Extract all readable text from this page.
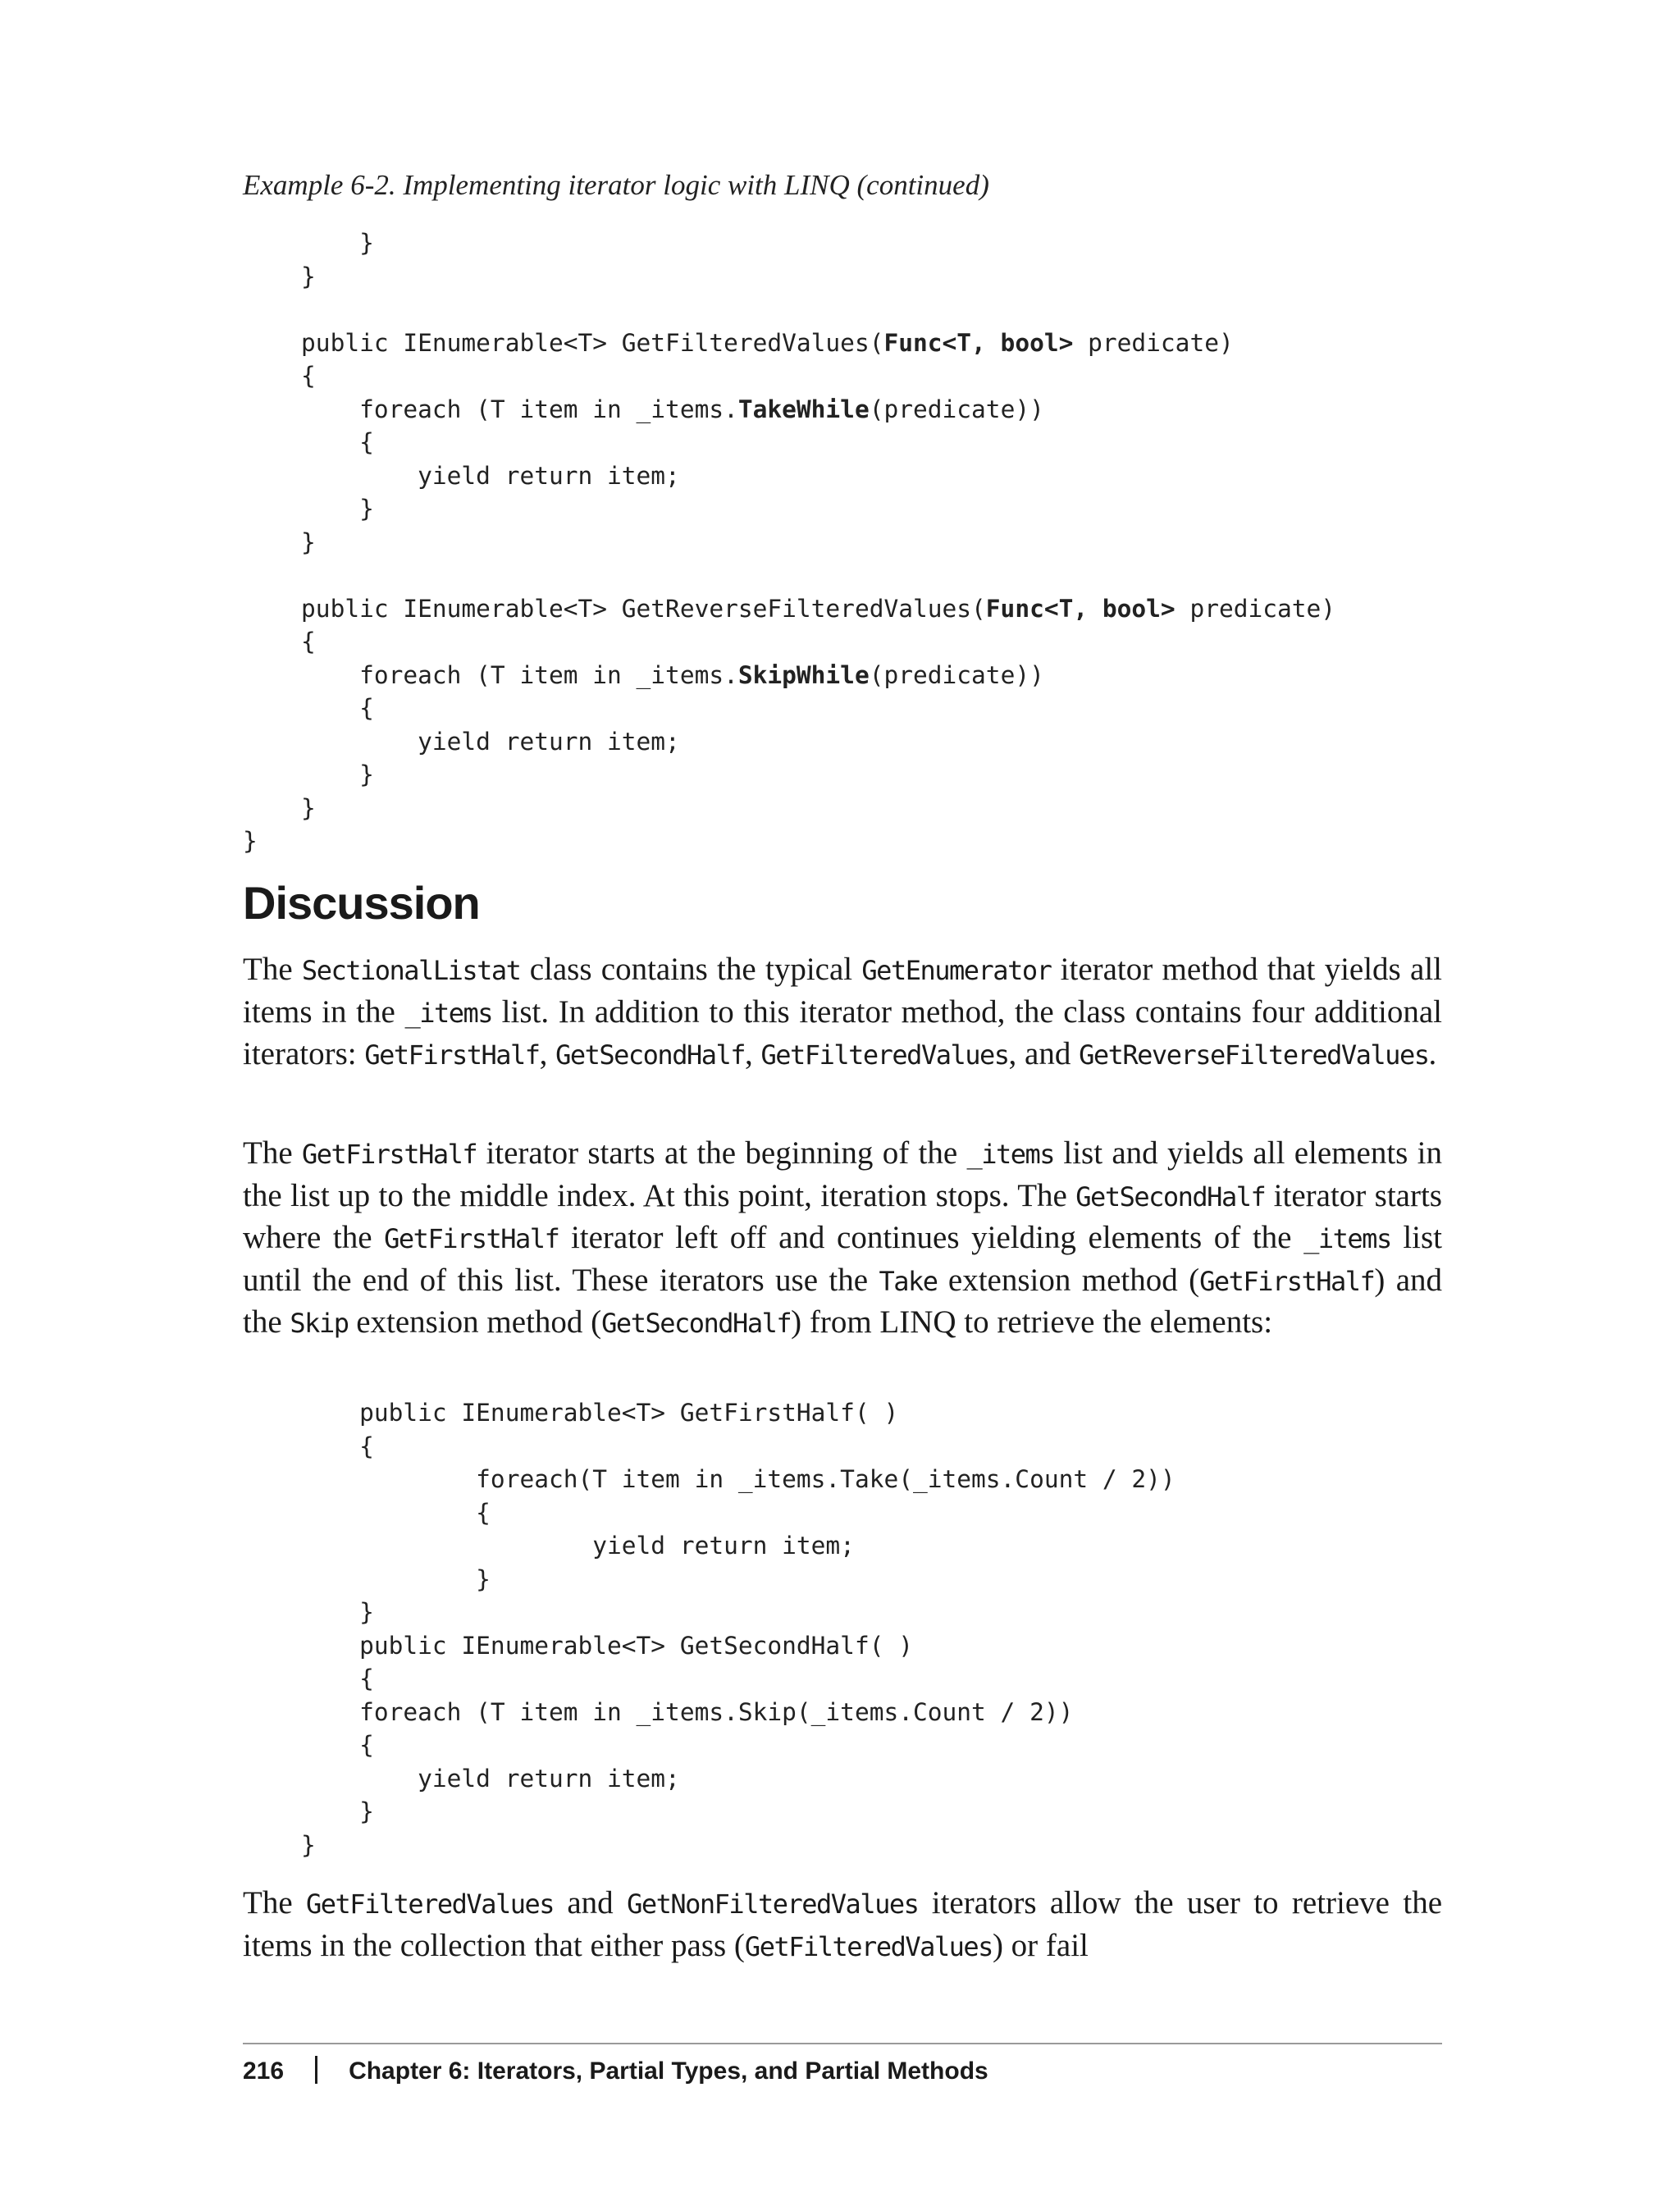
Example 6-2. Implementing iterator logic with LINQ (continued)
}
}
public IEnumerable<T> GetFilteredValues(Func<T, bool> predicate)
{
foreach (T item in _items.TakeWhile(predicate))
{
yield return item;
}
}
public IEnumerable<T> GetReverseFilteredValues(Func<T, bool> predicate)
{
foreach (T item in _items.SkipWhile(predicate))
{
yield return item;
}
}
}
Discussion
The SectionalListat class contains the typical GetEnumerator iterator method that yields all items in the _items list. In addition to this iterator method, the class contains four additional iterators: GetFirstHalf, GetSecondHalf, GetFilteredValues, and GetReverseFilteredValues.
The GetFirstHalf iterator starts at the beginning of the _items list and yields all elements in the list up to the middle index. At this point, iteration stops. The GetSecondHalf iterator starts where the GetFirstHalf iterator left off and continues yielding elements of the _items list until the end of this list. These iterators use the Take extension method (GetFirstHalf) and the Skip extension method (GetSecondHalf) from LINQ to retrieve the elements:
public IEnumerable<T> GetFirstHalf( )
{
foreach(T item in _items.Take(_items.Count / 2))
{
yield return item;
}
}
public IEnumerable<T> GetSecondHalf( )
{
foreach (T item in _items.Skip(_items.Count / 2))
{
yield return item;
}
}
The GetFilteredValues and GetNonFilteredValues iterators allow the user to retrieve the items in the collection that either pass (GetFilteredValues) or fail
216	Chapter 6: Iterators, Partial Types, and Partial Methods
